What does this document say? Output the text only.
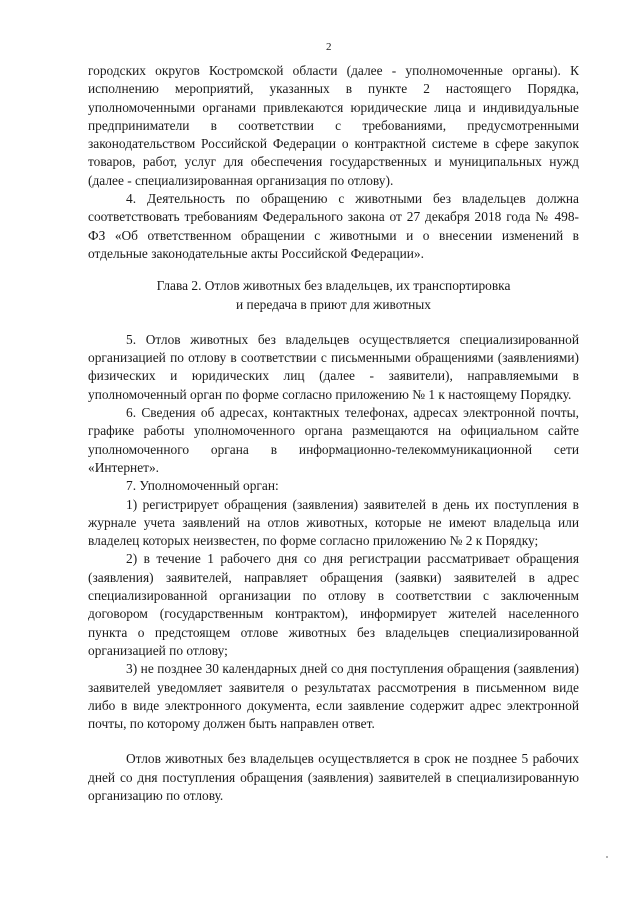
2

городских округов Костромской области (далее - уполномоченные органы). К исполнению мероприятий, указанных в пункте 2 настоящего Порядка, уполномоченными органами привлекаются юридические лица и индивидуальные предприниматели в соответствии с требованиями, предусмотренными законодательством Российской Федерации о контрактной системе в сфере закупок товаров, работ, услуг для обеспечения государственных и муниципальных нужд (далее - специализированная организация по отлову).

4. Деятельность по обращению с животными без владельцев должна соответствовать требованиям Федерального закона от 27 декабря 2018 года № 498-ФЗ «Об ответственном обращении с животными и о внесении изменений в отдельные законодательные акты Российской Федерации».

Глава 2. Отлов животных без владельцев, их транспортировка
и передача в приют для животных

5. Отлов животных без владельцев осуществляется специализированной организацией по отлову в соответствии с письменными обращениями (заявлениями) физических и юридических лиц (далее - заявители), направляемыми в уполномоченный орган по форме согласно приложению № 1 к настоящему Порядку.

6. Сведения об адресах, контактных телефонах, адресах электронной почты, графике работы уполномоченного органа размещаются на официальном сайте уполномоченного органа в информационно-телекоммуникационной сети «Интернет».

7. Уполномоченный орган:

1) регистрирует обращения (заявления) заявителей в день их поступления в журнале учета заявлений на отлов животных, которые не имеют владельца или владелец которых неизвестен, по форме согласно приложению № 2 к Порядку;

2) в течение 1 рабочего дня со дня регистрации рассматривает обращения (заявления) заявителей, направляет обращения (заявки) заявителей в адрес специализированной организации по отлову в соответствии с заключенным договором (государственным контрактом), информирует жителей населенного пункта о предстоящем отлове животных без владельцев специализированной организацией по отлову;

3) не позднее 30 календарных дней со дня поступления обращения (заявления) заявителей уведомляет заявителя о результатах рассмотрения в письменном виде либо в виде электронного документа, если заявление содержит адрес электронной почты, по которому должен быть направлен ответ.

Отлов животных без владельцев осуществляется в срок не позднее 5 рабочих дней со дня поступления обращения (заявления) заявителей в специализированную организацию по отлову.
